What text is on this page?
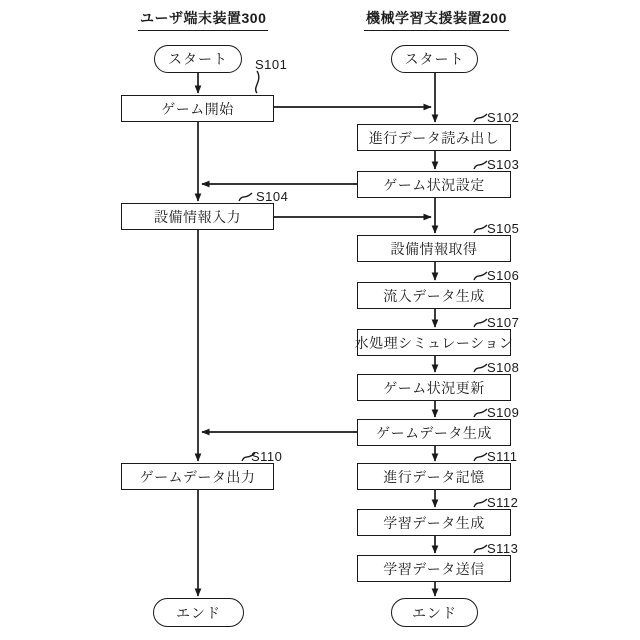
ユーザ端末装置300	機械学習支援装置200
スタート
エンド
スタート
エンド
ゲーム開始
設備情報入力
ゲームデータ出力
進行データ読み出し
ゲーム状況設定
設備情報取得
流入データ生成
水処理シミュレーション
ゲーム状況更新
ゲームデータ生成
進行データ記憶
学習データ生成
学習データ送信
S101
S104
S110
S102
S103
S105
S106
S107
S108
S109
S111
S112
S113
